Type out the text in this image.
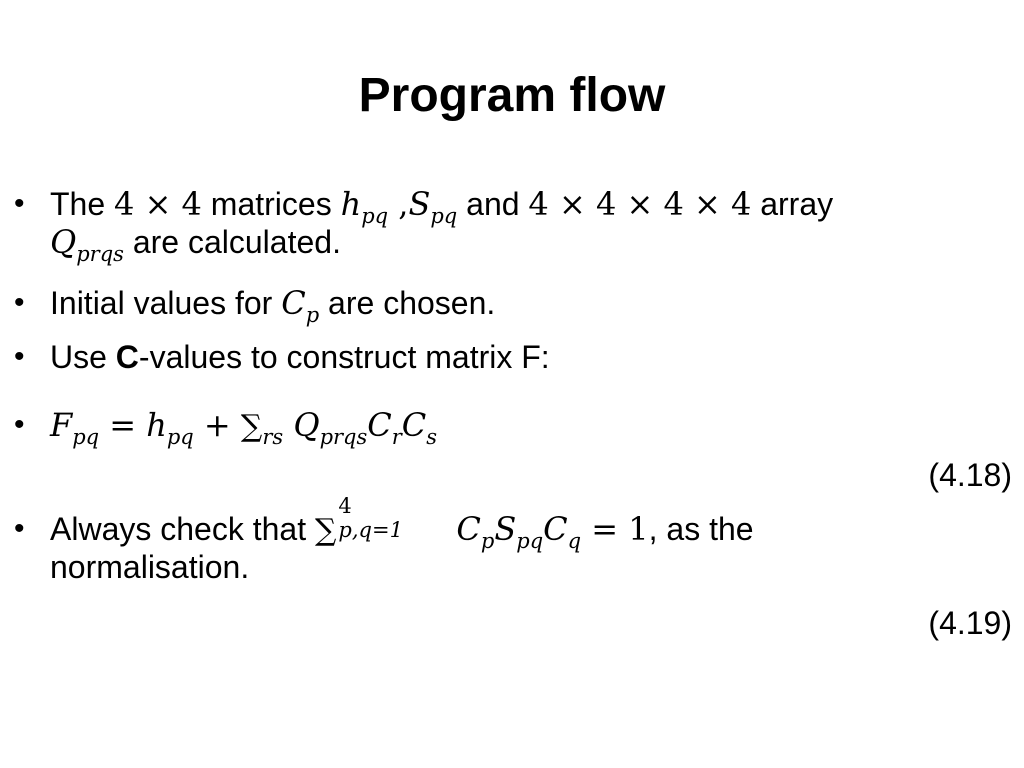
Program flow
• The 4 × 4 matrices $h_{pq}$ $,S_{pq}$ and 4 × 4 × 4 × 4 array
$Q_{prqs}$ are calculated.
• Initial values for $C_p$ are chosen.
• Use C-values to construct matrix F:
• $F_{pq} = h_{pq} + \sum_{rs}$ $Q_{prqs}C_rC_s$
(4.18)
• Always check that ∑
4
p,q=1 $C_pS_{pq}C_q = 1$, as the
normalisation.
(4.19)
